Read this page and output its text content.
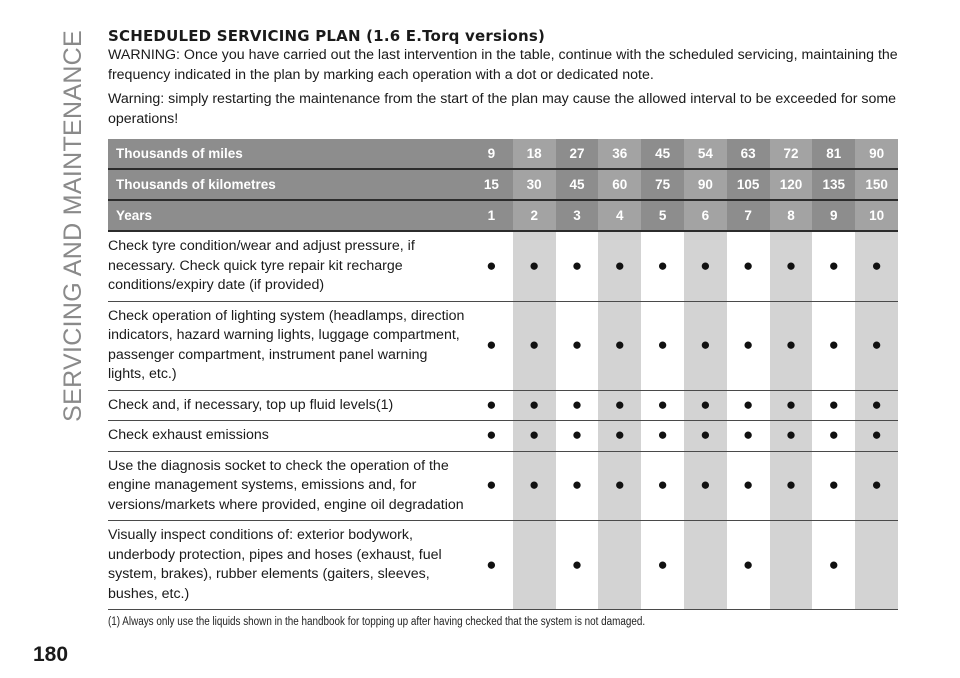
SERVICING AND MAINTENANCE SCHEDULED SERVICING PLAN (1.6 E.Torq versions)

WARNING: Once you have carried out the last intervention in the table, continue with the scheduled servicing, maintaining the frequency indicated in the plan by marking each operation with a dot or dedicated note.

Warning: simply restarting the maintenance from the start of the plan may cause the allowed interval to be exceeded for some operations!

Thousands of miles	9	18	27	36	45	54	63	72	81	90
Thousands of kilometres	15	30	45	60	75	90	105	120	135	150
Years	1	2	3	4	5	6	7	8	9	10
Check tyre condition/wear and adjust pressure, if necessary. Check quick tyre repair kit recharge conditions/expiry date (if provided)	●	●	●	●	●	●	●	●	●	●
Check operation of lighting system (headlamps, direction indicators, hazard warning lights, luggage compartment, passenger compartment, instrument panel warning lights, etc.)	●	●	●	●	●	●	●	●	●	●
Check and, if necessary, top up fluid levels(1)	●	●	●	●	●	●	●	●	●	●
Check exhaust emissions	●	●	●	●	●	●	●	●	●	●
Use the diagnosis socket to check the operation of the engine management systems, emissions and, for versions/markets where provided, engine oil degradation	●	●	●	●	●	●	●	●	●	●
Visually inspect conditions of: exterior bodywork, underbody protection, pipes and hoses (exhaust, fuel system, brakes), rubber elements (gaiters, sleeves, bushes, etc.)	●		●		●		●		●	
(1) Always only use the liquids shown in the handbook for topping up after having checked that the system is not damaged.
180
